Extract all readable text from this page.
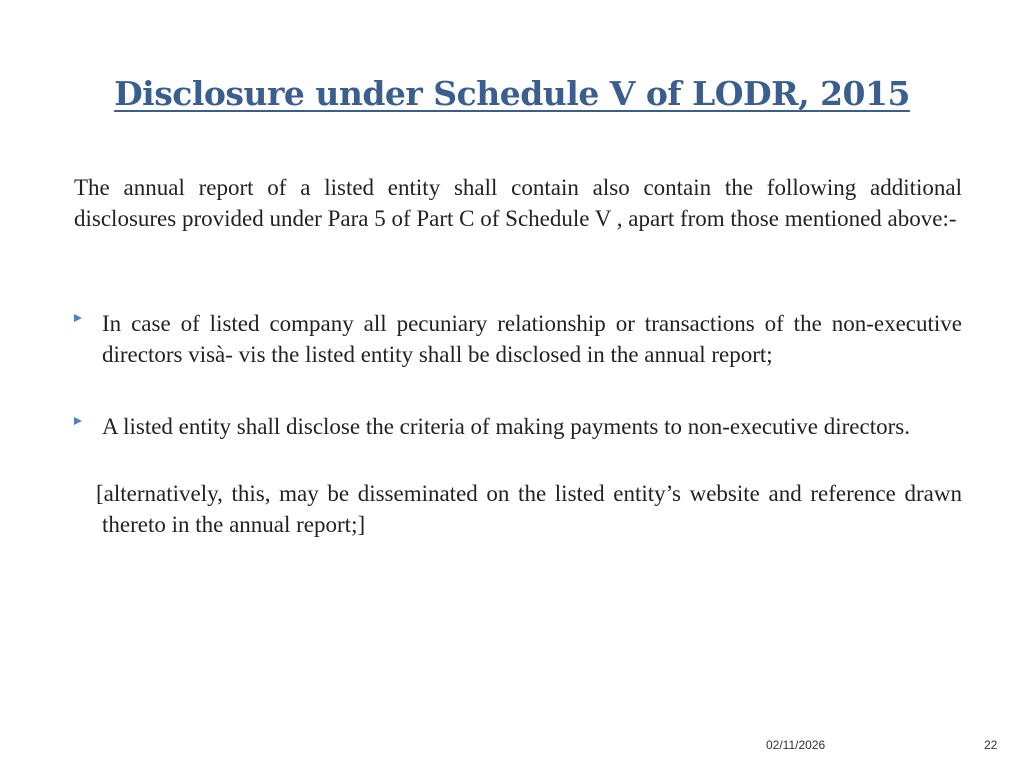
Disclosure under Schedule V of LODR, 2015
The annual report of a listed entity shall contain also contain the following additional disclosures provided under Para 5 of Part C of Schedule V , apart from those mentioned above:-
In case of listed company all pecuniary relationship or transactions of the non-executive directors visà- vis the listed entity shall be disclosed in the annual report;
A listed entity shall disclose the criteria of making payments to non-executive directors.
[alternatively, this, may be disseminated on the listed entity’s website and reference drawn thereto in the annual report;]
02/11/2026	22
